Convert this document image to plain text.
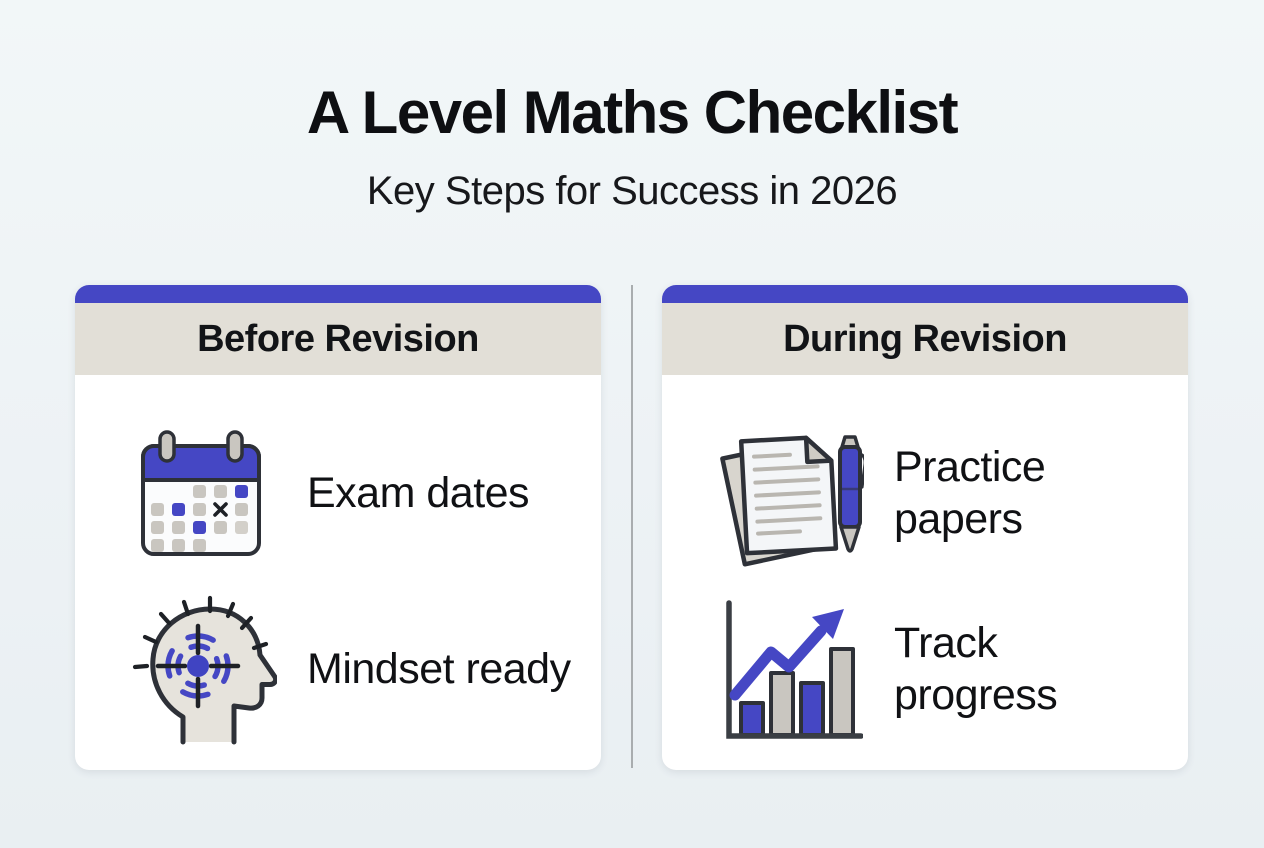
A Level Maths Checklist
Key Steps for Success in 2026
Before Revision
Exam dates
Mindset ready
During Revision
Practice papers
Track progress
